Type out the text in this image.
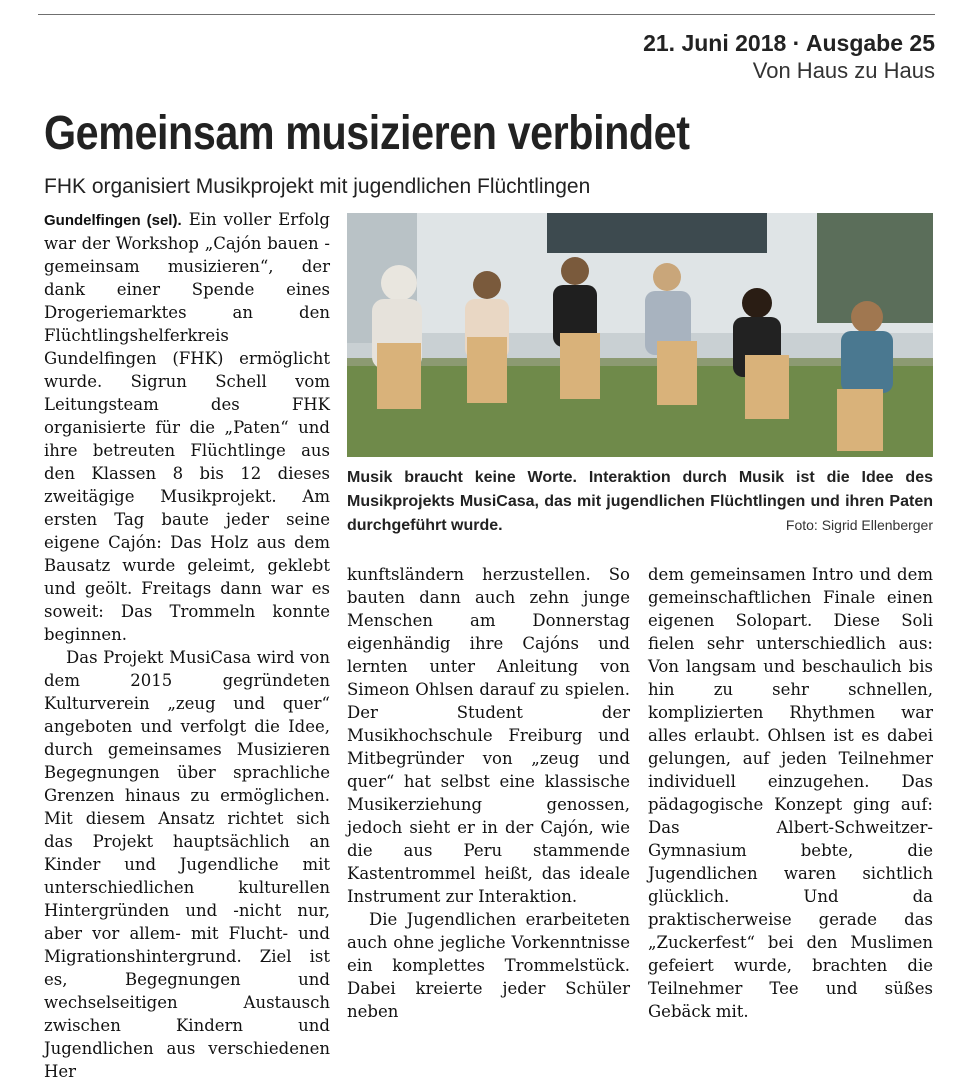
21. Juni 2018 · Ausgabe 25
Von Haus zu Haus
Gemeinsam musizieren verbindet
FHK organisiert Musikprojekt mit jugendlichen Flüchtlingen

Gundelfingen (sel). Ein voller Erfolg war der Workshop „Cajón bauen - gemeinsam musizieren“, der dank einer Spende eines Drogeriemarktes an den Flüchtlingshelferkreis Gundelfingen (FHK) ermöglicht wurde. Sigrun Schell vom Leitungsteam des FHK organisierte für die „Paten“ und ihre betreuten Flüchtlinge aus den Klassen 8 bis 12 dieses zweitägige Musikprojekt. Am ersten Tag baute jeder seine eigene Cajón: Das Holz aus dem Bausatz wurde geleimt, geklebt und geölt. Freitags dann war es soweit: Das Trommeln konnte beginnen.

Das Projekt MusiCasa wird von dem 2015 gegründeten Kulturverein „zeug und quer“ angeboten und verfolgt die Idee, durch gemeinsames Musizieren Begegnungen über sprachliche Grenzen hinaus zu ermöglichen. Mit diesem Ansatz richtet sich das Projekt hauptsächlich an Kinder und Jugendliche mit unterschiedlichen kulturellen Hintergründen und -nicht nur, aber vor allem- mit Flucht- und Migrationshintergrund. Ziel ist es, Begegnungen und wechselseitigen Austausch zwischen Kindern und Jugendlichen aus verschiedenen Her

Musik braucht keine Worte. Interaktion durch Musik ist die Idee des Musikprojekts MusiCasa, das mit jugendlichen Flüchtlingen und ihren Paten durchgeführt wurde.	Foto: Sigrid Ellenberger

kunftsländern herzustellen. So bauten dann auch zehn junge Menschen am Donnerstag eigenhändig ihre Cajóns und lernten unter Anleitung von Simeon Ohlsen darauf zu spielen. Der Student der Musikhochschule Freiburg und Mitbegründer von „zeug und quer“ hat selbst eine klassische Musikerziehung genossen, jedoch sieht er in der Cajón, wie die aus Peru stammende Kastentrommel heißt, das ideale Instrument zur Interaktion.

Die Jugendlichen erarbeiteten auch ohne jegliche Vorkenntnisse ein komplettes Trommelstück. Dabei kreierte jeder Schüler neben

dem gemeinsamen Intro und dem gemeinschaftlichen Finale einen eigenen Solopart. Diese Soli fielen sehr unterschiedlich aus: Von langsam und beschaulich bis hin zu sehr schnellen, komplizierten Rhythmen war alles erlaubt. Ohlsen ist es dabei gelungen, auf jeden Teilnehmer individuell einzugehen. Das pädagogische Konzept ging auf: Das Albert-Schweitzer-Gymnasium bebte, die Jugendlichen waren sichtlich glücklich. Und da praktischerweise gerade das „Zuckerfest“ bei den Muslimen gefeiert wurde, brachten die Teilnehmer Tee und süßes Gebäck mit.
